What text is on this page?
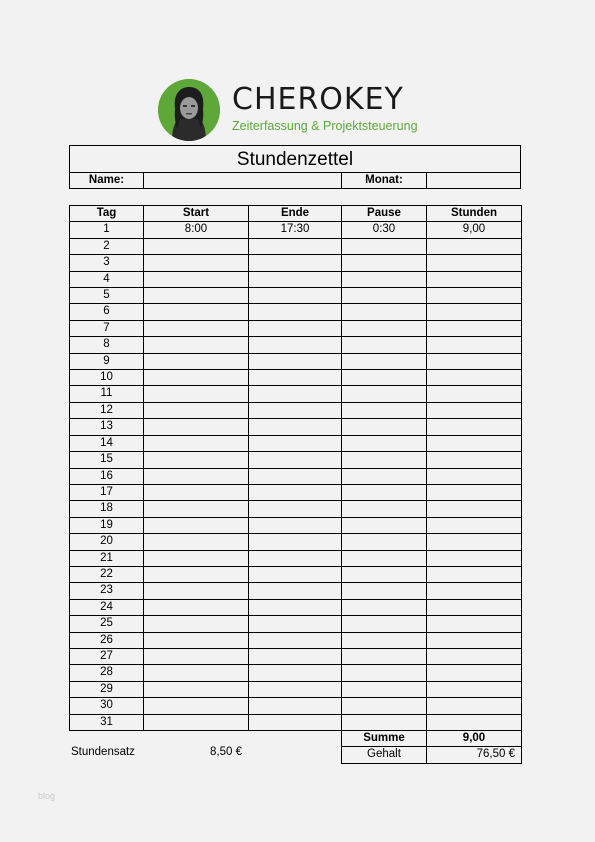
CHEROKEY
Zeiterfassung & Projektsteuerung
Stundenzettel
Name:	Monat:
Tag	Start	Ende	Pause	Stunden
1	8:00	17:30	0:30	9,00
2				
3				
4				
5				
6				
7				
8				
9				
10				
11				
12				
13				
14				
15				
16				
17				
18				
19				
20				
21				
22				
23				
24				
25				
26				
27				
28				
29				
30				
31				
			Summe	9,00
			Gehalt	76,50 €
Stundensatz	8,50 €
blog
